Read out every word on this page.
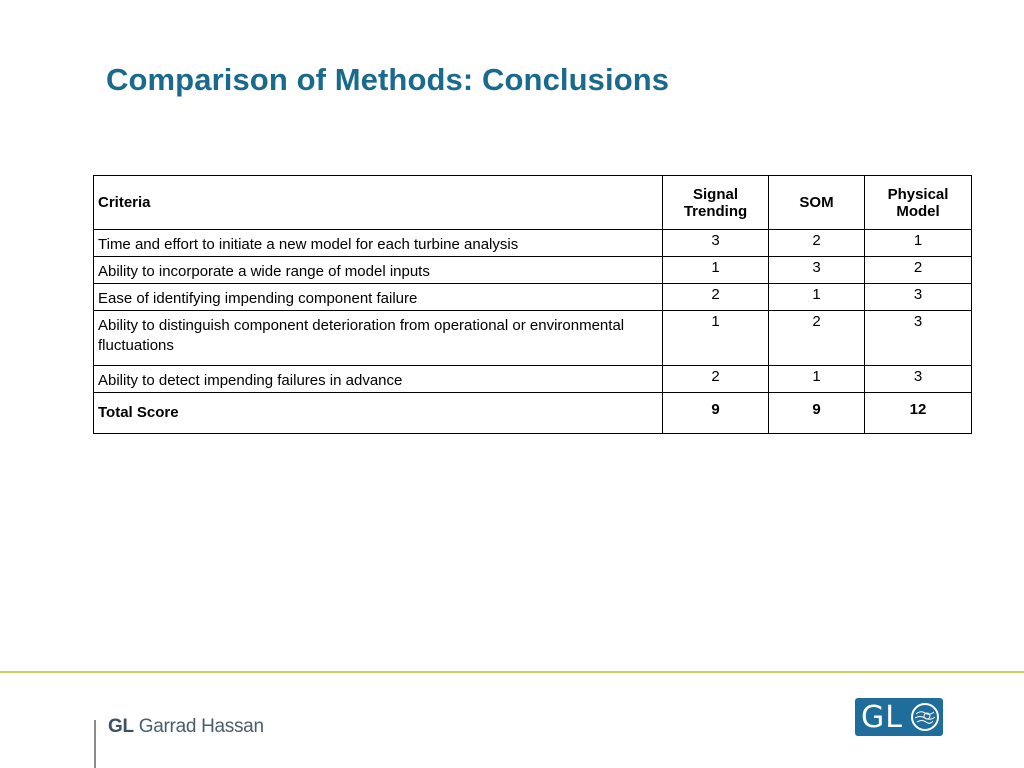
Comparison of Methods: Conclusions
Criteria	Signal Trending	SOM	Physical Model
Time and effort to initiate a new model for each turbine analysis	3	2	1
Ability to incorporate a wide range of model inputs	1	3	2
Ease of identifying impending component failure	2	1	3
Ability to distinguish component deterioration from operational or environmental fluctuations	1	2	3
Ability to detect impending failures in advance	2	1	3
Total Score	9	9	12
GL Garrad Hassan	GL
